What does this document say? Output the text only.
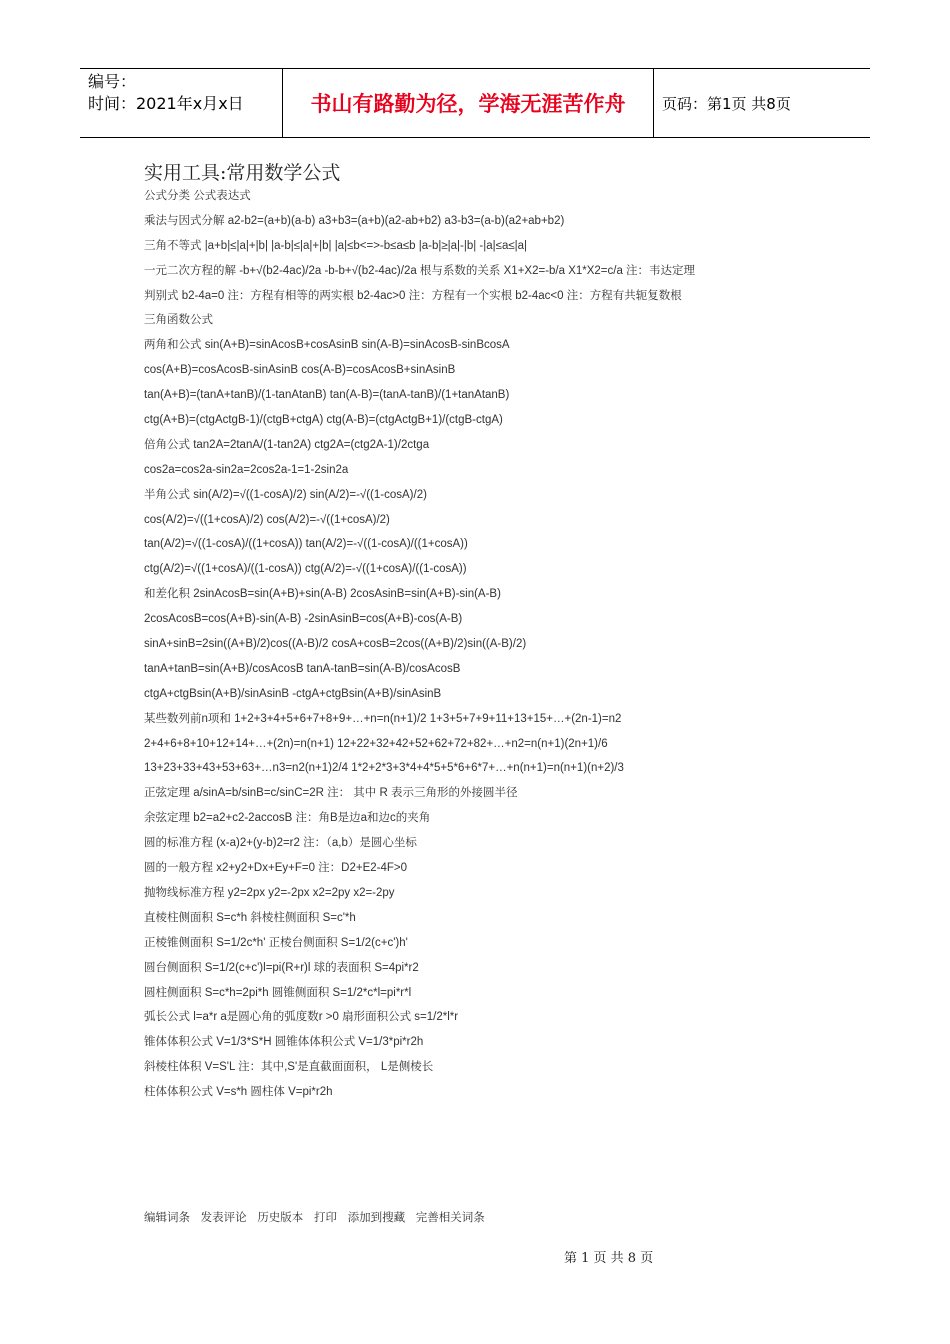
编号：
时间：2021年x月x日	书山有路勤为径，学海无涯苦作舟	页码：第1页 共8页
实用工具:常用数学公式
公式分类 公式表达式
乘法与因式分解 a2-b2=(a+b)(a-b) a3+b3=(a+b)(a2-ab+b2) a3-b3=(a-b)(a2+ab+b2)
三角不等式 |a+b|≤|a|+|b| |a-b|≤|a|+|b| |a|≤b<=>-b≤a≤b |a-b|≥|a|-|b| -|a|≤a≤|a|
一元二次方程的解 -b+√(b2-4ac)/2a -b-b+√(b2-4ac)/2a 根与系数的关系 X1+X2=-b/a X1*X2=c/a 注：韦达定理
判别式 b2-4a=0 注：方程有相等的两实根 b2-4ac>0 注：方程有一个实根 b2-4ac<0 注：方程有共轭复数根
三角函数公式
两角和公式 sin(A+B)=sinAcosB+cosAsinB sin(A-B)=sinAcosB-sinBcosA
cos(A+B)=cosAcosB-sinAsinB cos(A-B)=cosAcosB+sinAsinB
tan(A+B)=(tanA+tanB)/(1-tanAtanB) tan(A-B)=(tanA-tanB)/(1+tanAtanB)
ctg(A+B)=(ctgActgB-1)/(ctgB+ctgA) ctg(A-B)=(ctgActgB+1)/(ctgB-ctgA)
倍角公式 tan2A=2tanA/(1-tan2A) ctg2A=(ctg2A-1)/2ctga
cos2a=cos2a-sin2a=2cos2a-1=1-2sin2a
半角公式 sin(A/2)=√((1-cosA)/2) sin(A/2)=-√((1-cosA)/2)
cos(A/2)=√((1+cosA)/2) cos(A/2)=-√((1+cosA)/2)
tan(A/2)=√((1-cosA)/((1+cosA)) tan(A/2)=-√((1-cosA)/((1+cosA))
ctg(A/2)=√((1+cosA)/((1-cosA)) ctg(A/2)=-√((1+cosA)/((1-cosA))
和差化积 2sinAcosB=sin(A+B)+sin(A-B) 2cosAsinB=sin(A+B)-sin(A-B)
2cosAcosB=cos(A+B)-sin(A-B) -2sinAsinB=cos(A+B)-cos(A-B)
sinA+sinB=2sin((A+B)/2)cos((A-B)/2 cosA+cosB=2cos((A+B)/2)sin((A-B)/2)
tanA+tanB=sin(A+B)/cosAcosB tanA-tanB=sin(A-B)/cosAcosB
ctgA+ctgBsin(A+B)/sinAsinB -ctgA+ctgBsin(A+B)/sinAsinB
某些数列前n项和 1+2+3+4+5+6+7+8+9+…+n=n(n+1)/2 1+3+5+7+9+11+13+15+…+(2n-1)=n2
2+4+6+8+10+12+14+…+(2n)=n(n+1) 12+22+32+42+52+62+72+82+…+n2=n(n+1)(2n+1)/6
13+23+33+43+53+63+…n3=n2(n+1)2/4 1*2+2*3+3*4+4*5+5*6+6*7+…+n(n+1)=n(n+1)(n+2)/3
正弦定理 a/sinA=b/sinB=c/sinC=2R 注： 其中 R 表示三角形的外接圆半径
余弦定理 b2=a2+c2-2accosB 注：角B是边a和边c的夹角
圆的标准方程 (x-a)2+(y-b)2=r2 注：（a,b）是圆心坐标
圆的一般方程 x2+y2+Dx+Ey+F=0 注：D2+E2-4F>0
抛物线标准方程 y2=2px y2=-2px x2=2py x2=-2py
直棱柱侧面积 S=c*h 斜棱柱侧面积 S=c'*h
正棱锥侧面积 S=1/2c*h' 正棱台侧面积 S=1/2(c+c')h'
圆台侧面积 S=1/2(c+c')l=pi(R+r)l 球的表面积 S=4pi*r2
圆柱侧面积 S=c*h=2pi*h 圆锥侧面积 S=1/2*c*l=pi*r*l
弧长公式 l=a*r a是圆心角的弧度数r >0 扇形面积公式 s=1/2*l*r
锥体体积公式 V=1/3*S*H 圆锥体体积公式 V=1/3*pi*r2h
斜棱柱体积 V=S'L 注：其中,S'是直截面面积， L是侧棱长
柱体体积公式 V=s*h 圆柱体 V=pi*r2h
编辑词条 发表评论 历史版本 打印 添加到搜藏 完善相关词条
第 1 页 共 8 页
